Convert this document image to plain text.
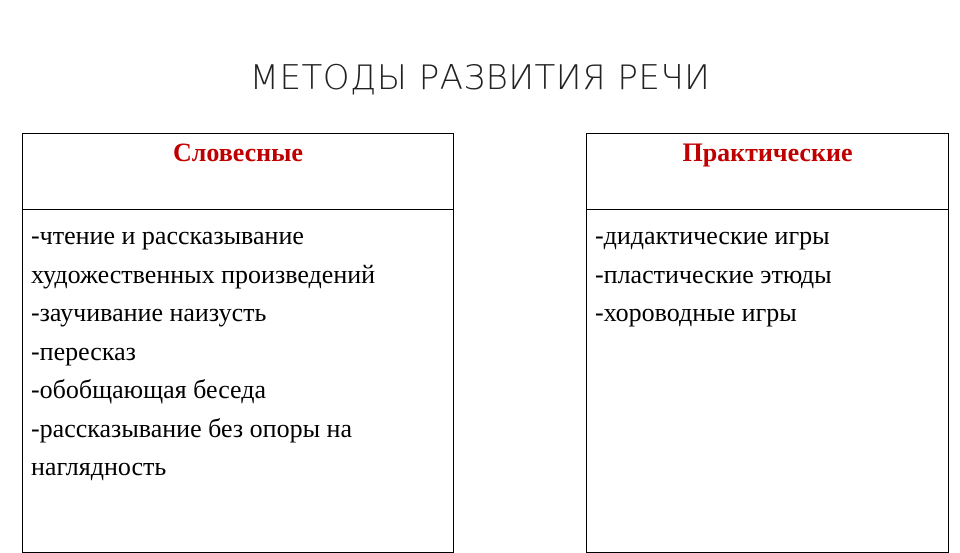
МЕТОДЫ РАЗВИТИЯ РЕЧИ
Словесные
-чтение и рассказывание художественных произведений
-заучивание наизусть
-пересказ
-обобщающая беседа
-рассказывание без опоры на наглядность
Практические
-дидактические игры
-пластические этюды
-хороводные игры
